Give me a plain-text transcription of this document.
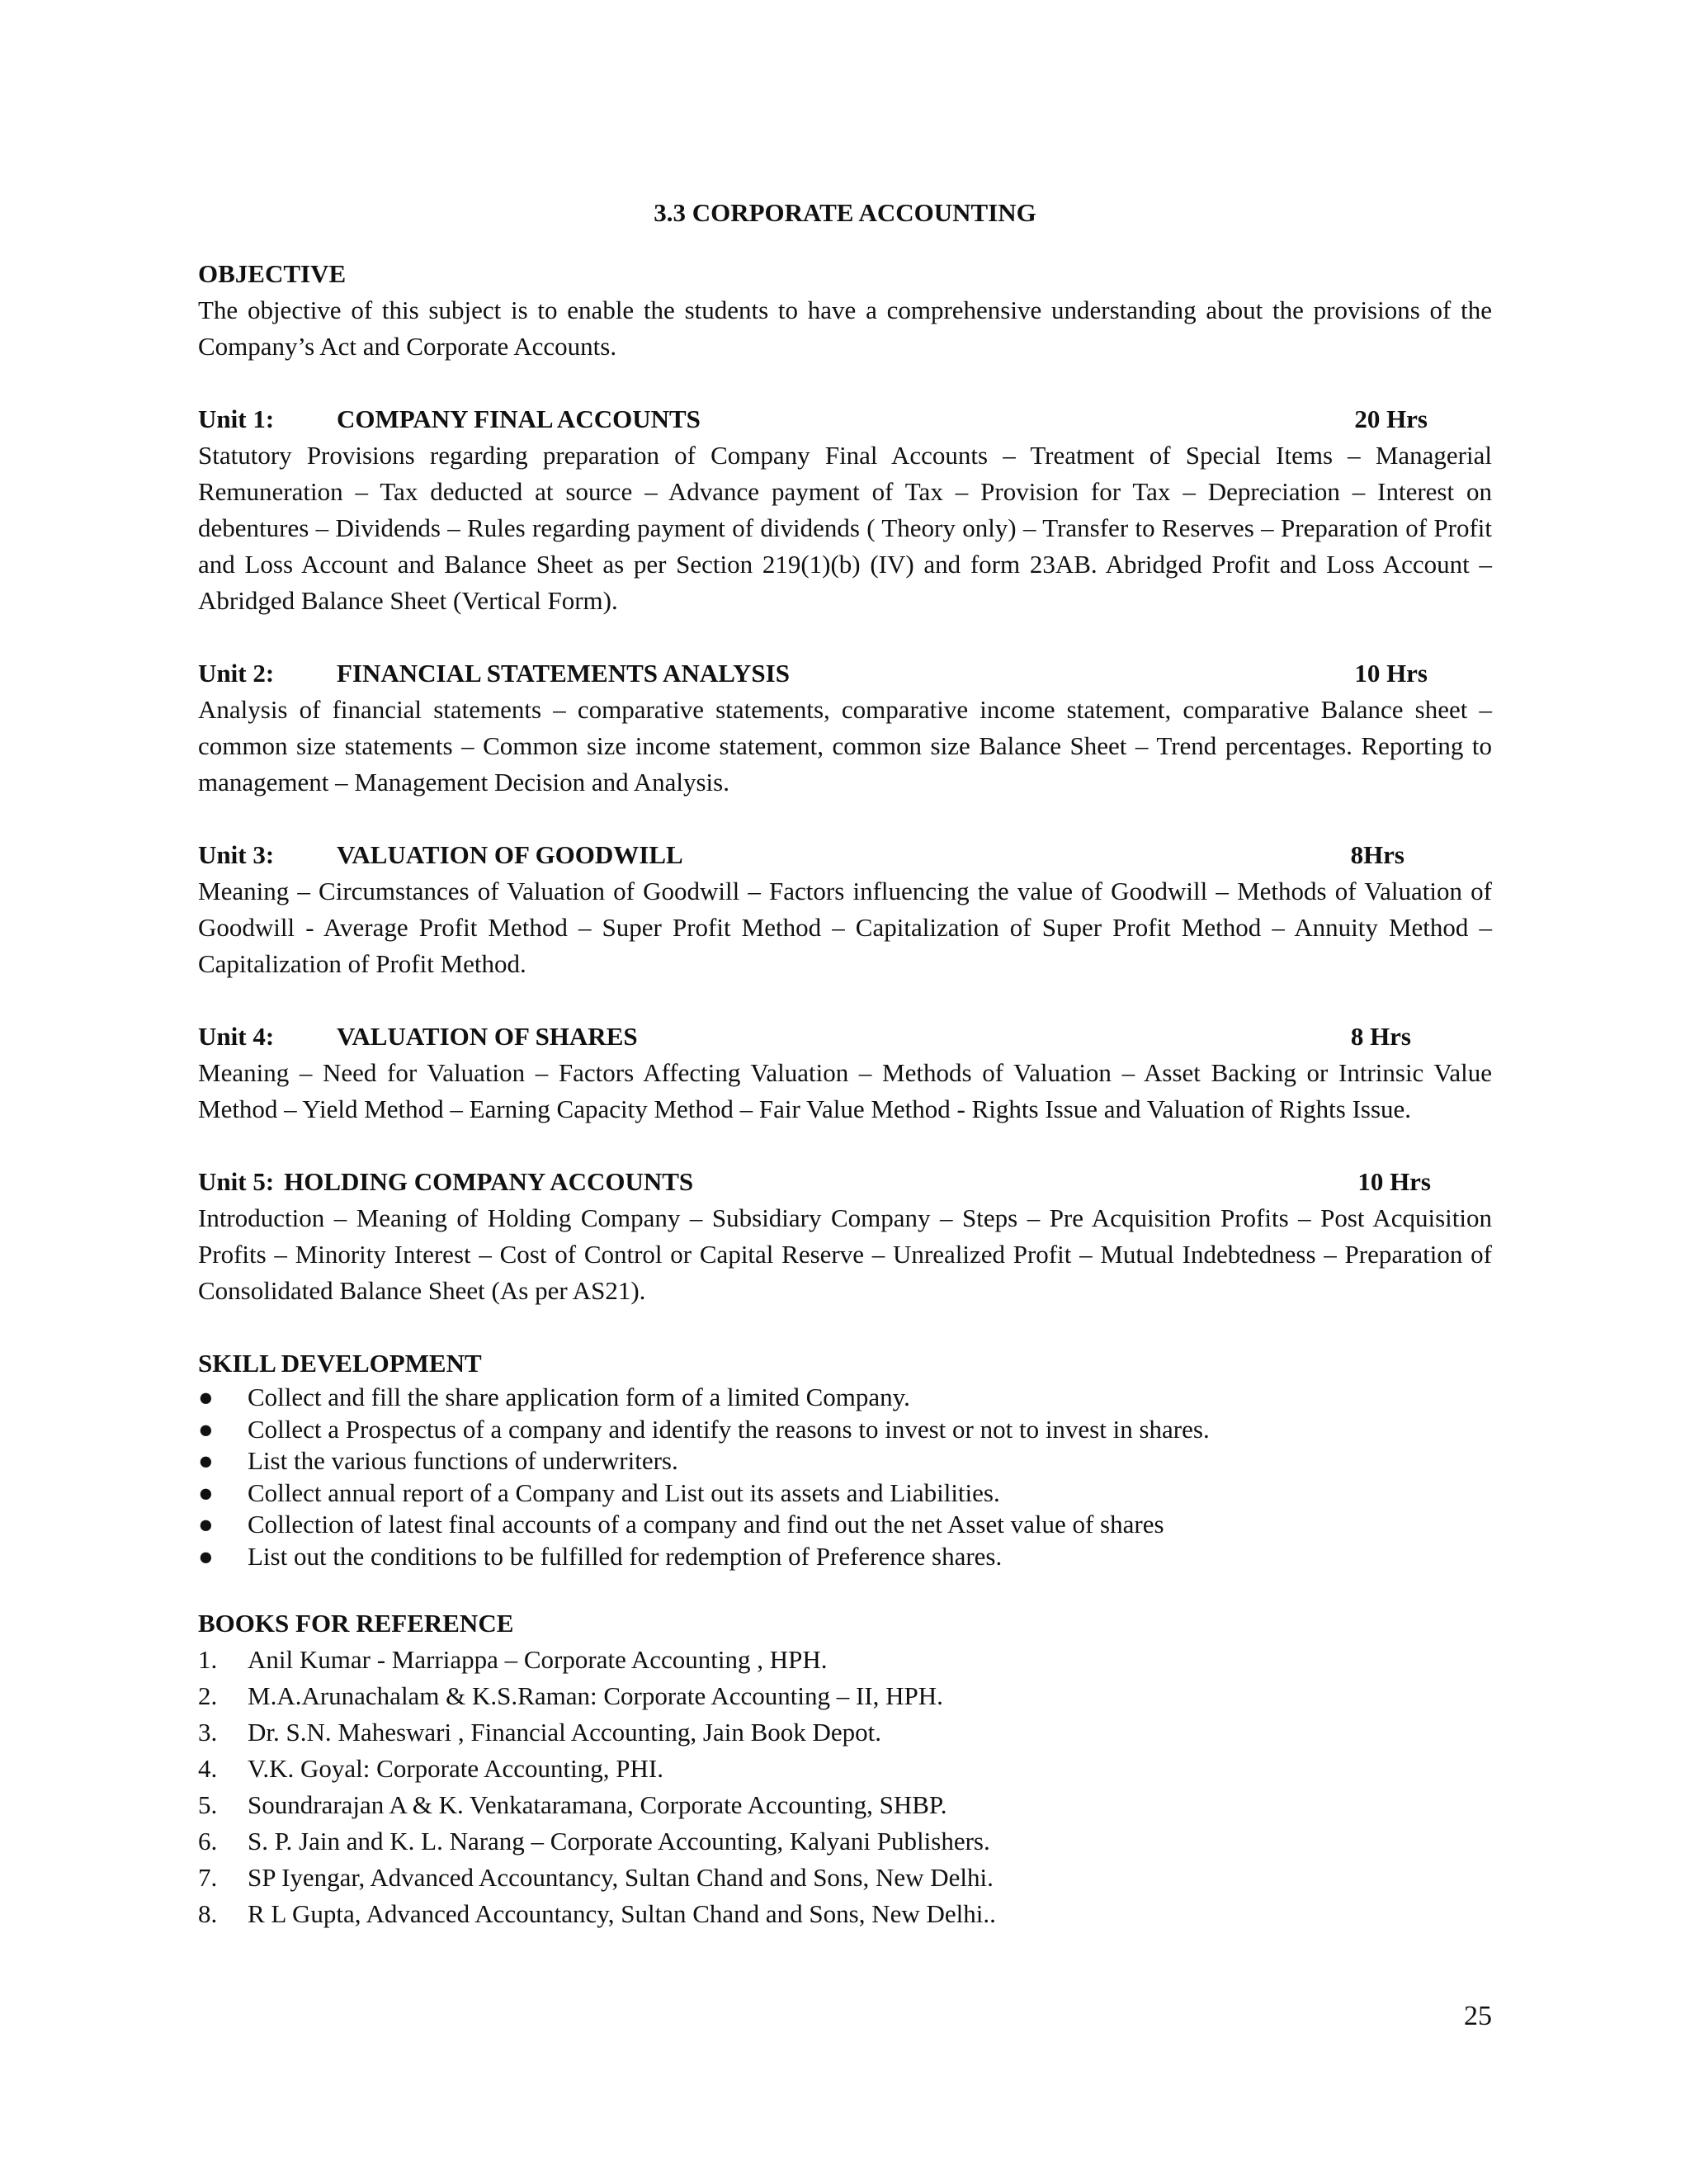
3.3 CORPORATE ACCOUNTING

OBJECTIVE

The objective of this subject is to enable the students to have a comprehensive understanding about the provisions of the Company’s Act and Corporate Accounts.

Unit 1:	COMPANY FINAL ACCOUNTS	20 Hrs

Statutory Provisions regarding preparation of Company Final Accounts – Treatment of Special Items – Managerial Remuneration – Tax deducted at source – Advance payment of Tax – Provision for Tax – Depreciation – Interest on debentures – Dividends – Rules regarding payment of dividends ( Theory only) – Transfer to Reserves – Preparation of Profit and Loss Account and Balance Sheet as per Section 219(1)(b) (IV) and form 23AB. Abridged Profit and Loss Account – Abridged Balance Sheet (Vertical Form).

Unit 2:	FINANCIAL STATEMENTS ANALYSIS	10 Hrs

Analysis of financial statements – comparative statements, comparative income statement, comparative Balance sheet – common size statements – Common size income statement, common size Balance Sheet – Trend percentages. Reporting to management – Management Decision and Analysis.

Unit 3:	VALUATION OF GOODWILL	8Hrs

Meaning – Circumstances of Valuation of Goodwill – Factors influencing the value of Goodwill – Methods of Valuation of Goodwill - Average Profit Method – Super Profit Method – Capitalization of Super Profit Method – Annuity Method – Capitalization of Profit Method.

Unit 4:	VALUATION OF SHARES	8 Hrs

Meaning – Need for Valuation – Factors Affecting Valuation – Methods of Valuation – Asset Backing or Intrinsic Value Method – Yield Method – Earning Capacity Method – Fair Value Method - Rights Issue and Valuation of Rights Issue.

Unit 5: HOLDING COMPANY ACCOUNTS	10 Hrs

Introduction – Meaning of Holding Company – Subsidiary Company – Steps – Pre Acquisition Profits – Post Acquisition Profits – Minority Interest – Cost of Control or Capital Reserve – Unrealized Profit – Mutual Indebtedness – Preparation of Consolidated Balance Sheet (As per AS21).

SKILL DEVELOPMENT

●	Collect and fill the share application form of a limited Company.
●	Collect a Prospectus of a company and identify the reasons to invest or not to invest in shares.
●	List the various functions of underwriters.
●	Collect annual report of a Company and List out its assets and Liabilities.
●	Collection of latest final accounts of a company and find out the net Asset value of shares
●	List out the conditions to be fulfilled for redemption of Preference shares.

BOOKS FOR REFERENCE

1.	Anil Kumar - Marriappa – Corporate Accounting , HPH.
2.	M.A.Arunachalam & K.S.Raman: Corporate Accounting – II, HPH.
3.	Dr. S.N. Maheswari , Financial Accounting, Jain Book Depot.
4.	V.K. Goyal: Corporate Accounting, PHI.
5.	Soundrarajan A & K. Venkataramana, Corporate Accounting, SHBP.
6.	S. P. Jain and K. L. Narang – Corporate Accounting, Kalyani Publishers.
7.	SP Iyengar, Advanced Accountancy, Sultan Chand and Sons, New Delhi.
8.	R L Gupta, Advanced Accountancy, Sultan Chand and Sons, New Delhi..
25
